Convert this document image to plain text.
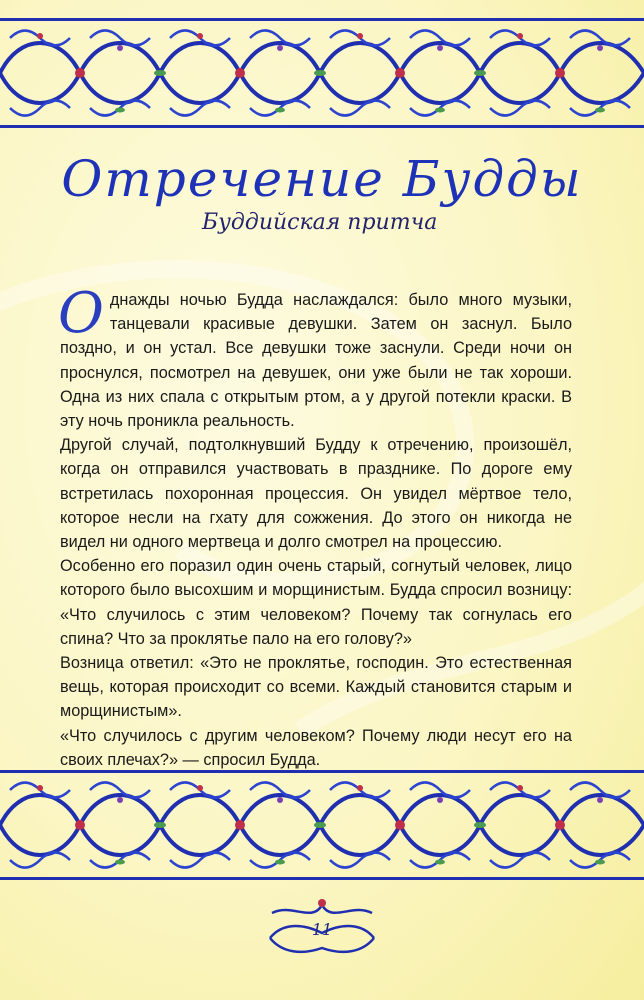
Отречение Будды
Буддийская притча

Однажды ночью Будда наслаждался: было много музыки, танцевали красивые девушки. Затем он заснул. Было поздно, и он устал. Все девушки тоже заснули. Среди ночи он проснулся, посмотрел на девушек, они уже были не так хороши. Одна из них спала с открытым ртом, а у другой потекли краски. В эту ночь проникла реальность.

Другой случай, подтолкнувший Будду к отречению, произошёл, когда он отправился участвовать в празднике. По дороге ему встретилась похоронная процессия. Он увидел мёртвое тело, которое несли на гхату для сожжения. До этого он никогда не видел ни одного мертвеца и долго смотрел на процессию.

Особенно его поразил один очень старый, согнутый человек, лицо которого было высохшим и морщинистым. Будда спросил возницу: «Что случилось с этим человеком? Почему так согнулась его спина? Что за проклятье пало на его голову?»

Возница ответил: «Это не проклятье, господин. Это естественная вещь, которая происходит со всеми. Каждый становится старым и морщинистым».

«Что случилось с другим человеком? Почему люди несут его на своих плечах?» — спросил Будда.

11
